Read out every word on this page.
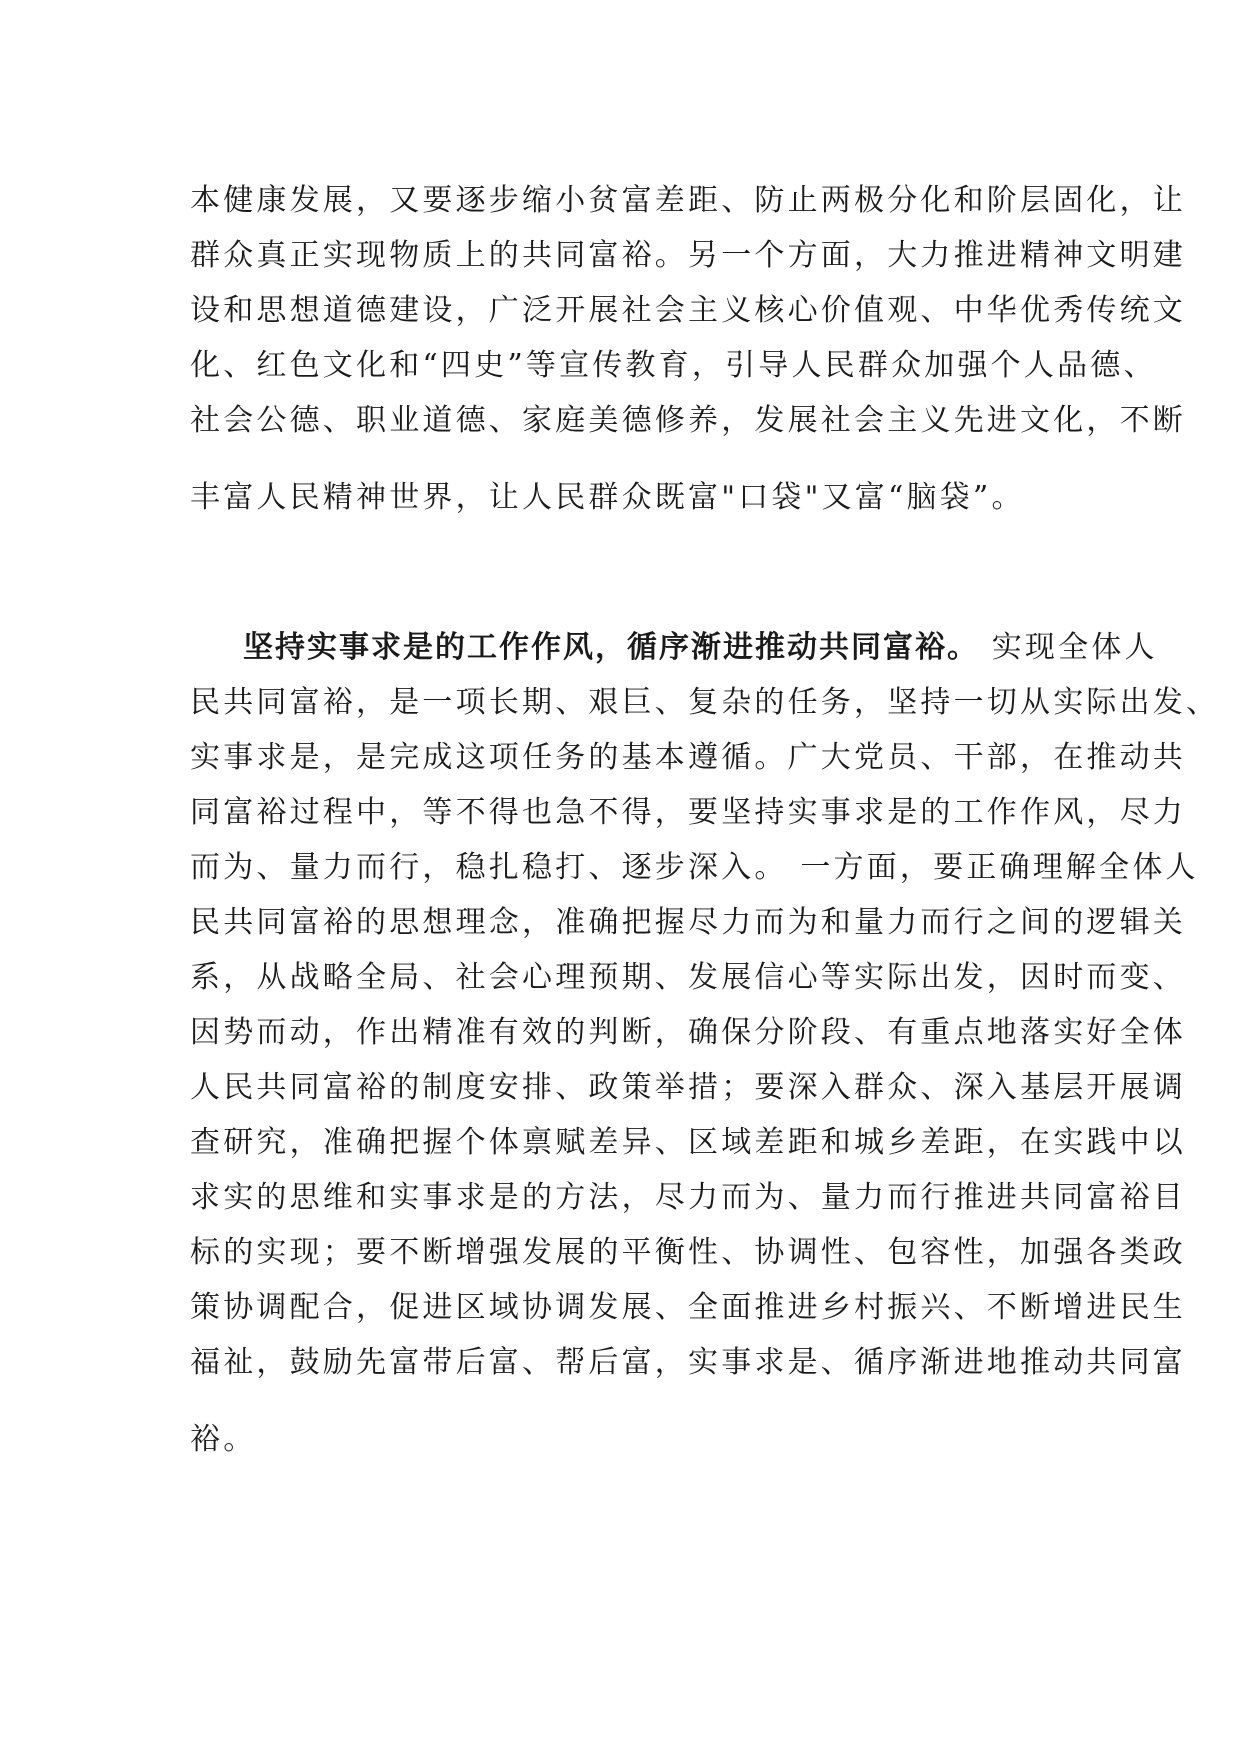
本健康发展，又要逐步缩小贫富差距、防止两极分化和阶层固化，让
群众真正实现物质上的共同富裕。另一个方面，大力推进精神文明建
设和思想道德建设，广泛开展社会主义核心价值观、中华优秀传统文
化、红色文化和“四史”等宣传教育，引导人民群众加强个人品德、
社会公德、职业道德、家庭美德修养，发展社会主义先进文化，不断
丰富人民精神世界，让人民群众既富"口袋"又富“脑袋”。
坚持实事求是的工作作风，循序渐进推动共同富裕。 实现全体人
民共同富裕，是一项长期、艰巨、复杂的任务，坚持一切从实际出发、
实事求是，是完成这项任务的基本遵循。广大党员、干部，在推动共
同富裕过程中，等不得也急不得，要坚持实事求是的工作作风，尽力
而为、量力而行，稳扎稳打、逐步深入。 一方面，要正确理解全体人
民共同富裕的思想理念，准确把握尽力而为和量力而行之间的逻辑关
系，从战略全局、社会心理预期、发展信心等实际出发，因时而变、
因势而动，作出精准有效的判断，确保分阶段、有重点地落实好全体
人民共同富裕的制度安排、政策举措；要深入群众、深入基层开展调
查研究，准确把握个体禀赋差异、区域差距和城乡差距，在实践中以
求实的思维和实事求是的方法，尽力而为、量力而行推进共同富裕目
标的实现；要不断增强发展的平衡性、协调性、包容性，加强各类政
策协调配合，促进区域协调发展、全面推进乡村振兴、不断增进民生
福祉，鼓励先富带后富、帮后富，实事求是、循序渐进地推动共同富
裕。
